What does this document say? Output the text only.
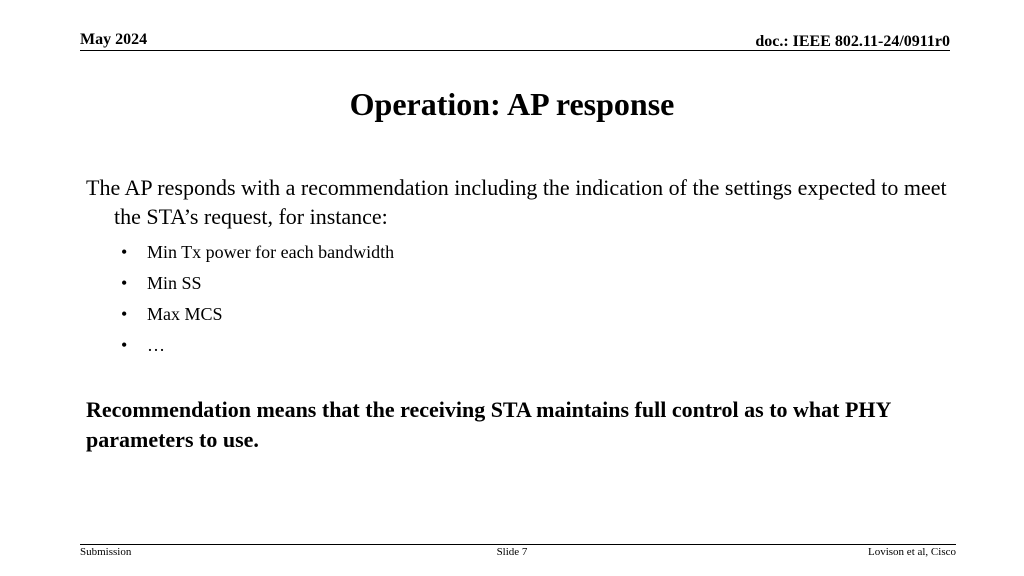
May 2024	doc.: IEEE 802.11-24/0911r0
Operation: AP response
The AP responds with a recommendation including the indication of the settings expected to meet the STA’s request, for instance:
• Min Tx power for each bandwidth
• Min SS
• Max MCS
• …
Recommendation means that the receiving STA maintains full control as to what PHY parameters to use.
Submission	Slide 7	Lovison et al, Cisco
